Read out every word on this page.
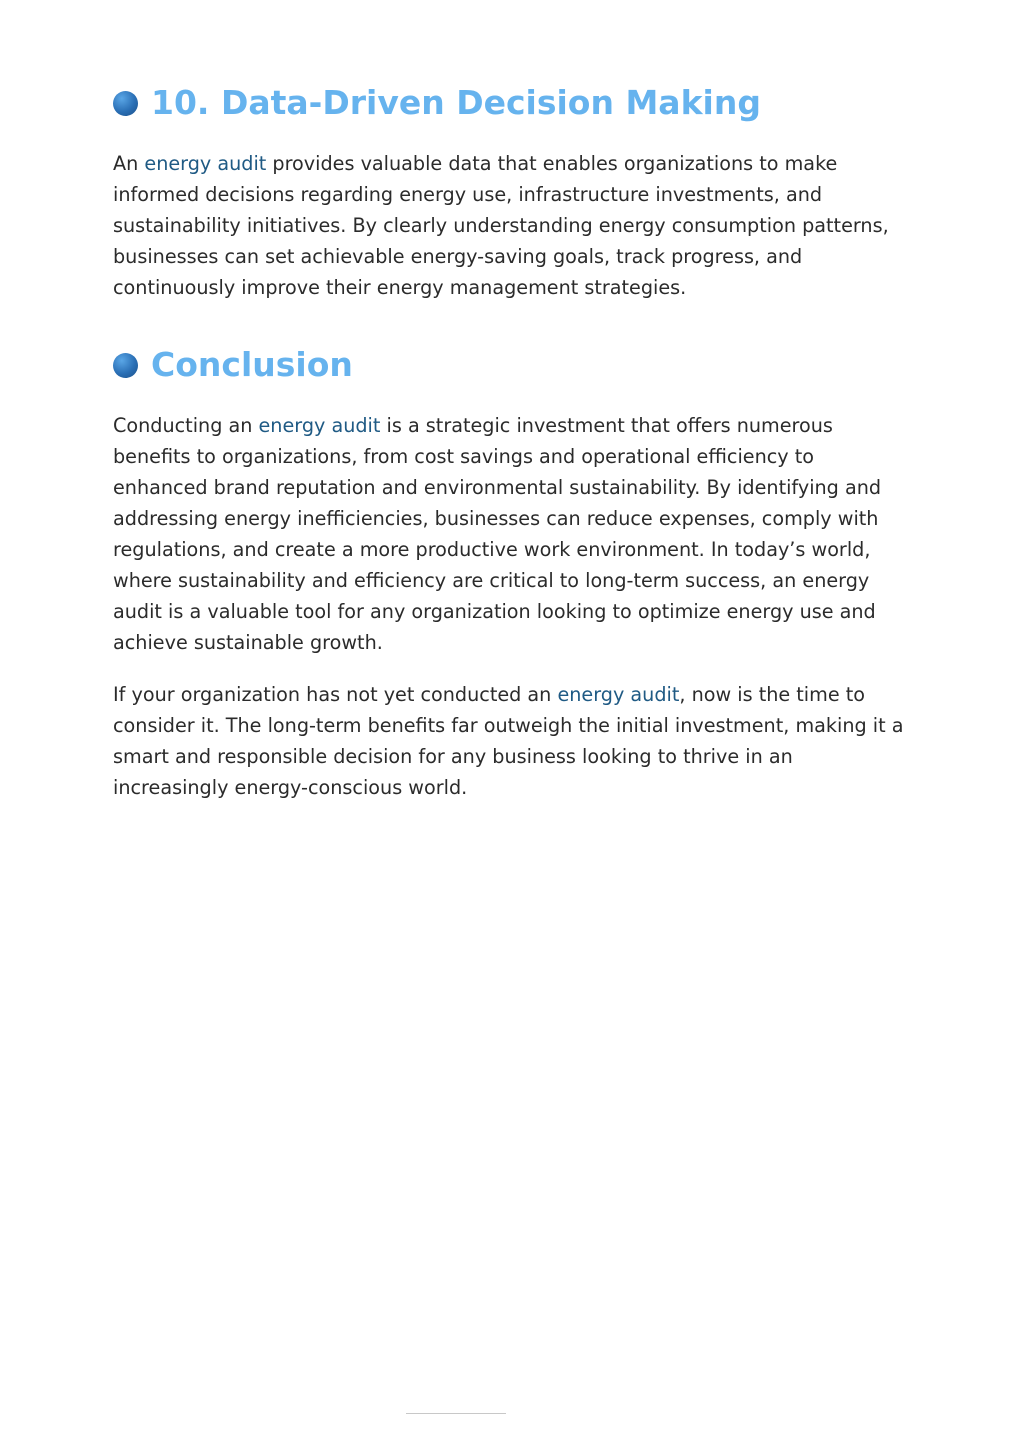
10. Data-Driven Decision Making

An energy audit provides valuable data that enables organizations to make informed decisions regarding energy use, infrastructure investments, and sustainability initiatives. By clearly understanding energy consumption patterns, businesses can set achievable energy-saving goals, track progress, and continuously improve their energy management strategies.

Conclusion

Conducting an energy audit is a strategic investment that offers numerous benefits to organizations, from cost savings and operational efficiency to enhanced brand reputation and environmental sustainability. By identifying and addressing energy inefficiencies, businesses can reduce expenses, comply with regulations, and create a more productive work environment. In today’s world, where sustainability and efficiency are critical to long-term success, an energy audit is a valuable tool for any organization looking to optimize energy use and achieve sustainable growth.

If your organization has not yet conducted an energy audit, now is the time to consider it. The long-term benefits far outweigh the initial investment, making it a smart and responsible decision for any business looking to thrive in an increasingly energy-conscious world.
